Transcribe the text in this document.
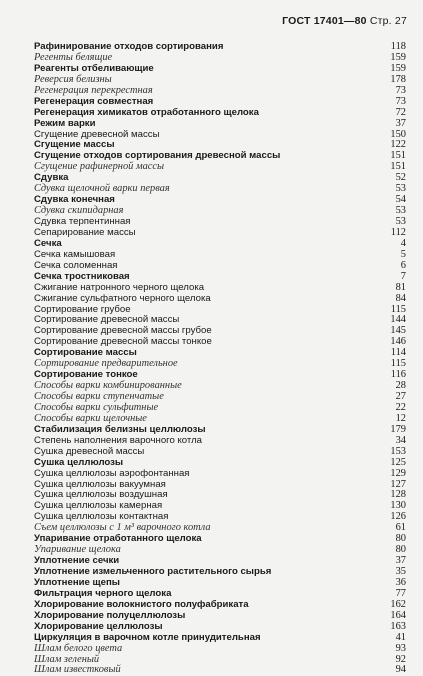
ГОСТ 17401—80 Стр. 27
Рафинирование отходов сортирования	118
Регенты белящие	159
Реагенты отбеливающие	159
Реверсия белизны	178
Регенерация перекрестная	73
Регенерация совместная	73
Регенерация химикатов отработанного щелока	72
Режим варки	37
Сгущение древесной массы	150
Сгущение массы	122
Сгущение отходов сортирования древесной массы	151
Сгущение рафинерной массы	151
Сдувка	52
Сдувка щелочной варки первая	53
Сдувка конечная	54
Сдувка скипидарная	53
Сдувка терпентинная	53
Сепарирование массы	112
Сечка	4
Сечка камышовая	5
Сечка соломенная	6
Сечка тростниковая	7
Сжигание натронного черного щелока	81
Сжигание сульфатного черного щелока	84
Сортирование грубое	115
Сортирование древесной массы	144
Сортирование древесной массы грубое	145
Сортирование древесной массы тонкое	146
Сортирование массы	114
Сортирование предварительное	115
Сортирование тонкое	116
Способы варки комбинированные	28
Способы варки ступенчатые	27
Способы варки сульфитные	22
Способы варки щелочные	12
Стабилизация белизны целлюлозы	179
Степень наполнения варочного котла	34
Сушка древесной массы	153
Сушка целлюлозы	125
Сушка целлюлозы аэрофонтанная	129
Сушка целлюлозы вакуумная	127
Сушка целлюлозы воздушная	128
Сушка целлюлозы камерная	130
Сушка целлюлозы контактная	126
Съем целлюлозы с 1 м³ варочного котла	61
Упаривание отработанного щелока	80
Упаривание щелока	80
Уплотнение сечки	37
Уплотнение измельченного растительного сырья	35
Уплотнение щепы	36
Фильтрация черного щелока	77
Хлорирование волокнистого полуфабриката	162
Хлорирование полуцеллюлозы	164
Хлорирование целлюлозы	163
Циркуляция в варочном котле принудительная	41
Шлам белого цвета	93
Шлам зеленый	92
Шлам известковый	94
